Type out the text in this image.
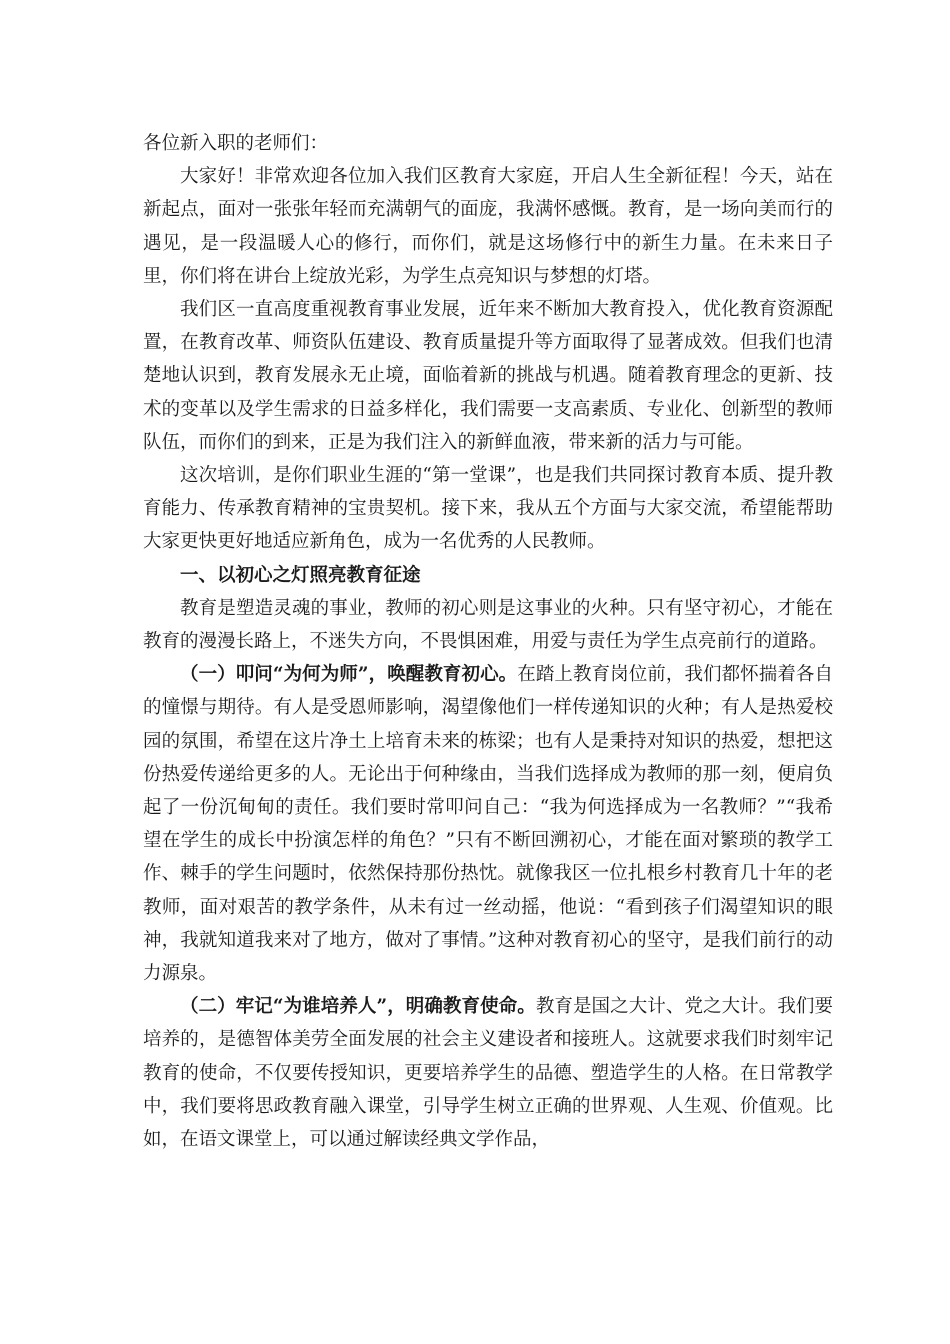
各位新入职的老师们：

大家好！非常欢迎各位加入我们区教育大家庭，开启人生全新征程！今天，站在新起点，面对一张张年轻而充满朝气的面庞，我满怀感慨。教育，是一场向美而行的遇见，是一段温暖人心的修行，而你们，就是这场修行中的新生力量。在未来日子里，你们将在讲台上绽放光彩，为学生点亮知识与梦想的灯塔。

我们区一直高度重视教育事业发展，近年来不断加大教育投入，优化教育资源配置，在教育改革、师资队伍建设、教育质量提升等方面取得了显著成效。但我们也清楚地认识到，教育发展永无止境，面临着新的挑战与机遇。随着教育理念的更新、技术的变革以及学生需求的日益多样化，我们需要一支高素质、专业化、创新型的教师队伍，而你们的到来，正是为我们注入的新鲜血液，带来新的活力与可能。

这次培训，是你们职业生涯的“第一堂课”，也是我们共同探讨教育本质、提升教育能力、传承教育精神的宝贵契机。接下来，我从五个方面与大家交流，希望能帮助大家更快更好地适应新角色，成为一名优秀的人民教师。

一、以初心之灯照亮教育征途

教育是塑造灵魂的事业，教师的初心则是这事业的火种。只有坚守初心，才能在教育的漫漫长路上，不迷失方向，不畏惧困难，用爱与责任为学生点亮前行的道路。

（一）叩问“为何为师”，唤醒教育初心。在踏上教育岗位前，我们都怀揣着各自的憧憬与期待。有人是受恩师影响，渴望像他们一样传递知识的火种；有人是热爱校园的氛围，希望在这片净土上培育未来的栋梁；也有人是秉持对知识的热爱，想把这份热爱传递给更多的人。无论出于何种缘由，当我们选择成为教师的那一刻，便肩负起了一份沉甸甸的责任。我们要时常叩问自己：“我为何选择成为一名教师？”“我希望在学生的成长中扮演怎样的角色？”只有不断回溯初心，才能在面对繁琐的教学工作、棘手的学生问题时，依然保持那份热忱。就像我区一位扎根乡村教育几十年的老教师，面对艰苦的教学条件，从未有过一丝动摇，他说：“看到孩子们渴望知识的眼神，我就知道我来对了地方，做对了事情。”这种对教育初心的坚守，是我们前行的动力源泉。

（二）牢记“为谁培养人”，明确教育使命。教育是国之大计、党之大计。我们要培养的，是德智体美劳全面发展的社会主义建设者和接班人。这就要求我们时刻牢记教育的使命，不仅要传授知识，更要培养学生的品德、塑造学生的人格。在日常教学中，我们要将思政教育融入课堂，引导学生树立正确的世界观、人生观、价值观。比如，在语文课堂上，可以通过解读经典文学作品，
